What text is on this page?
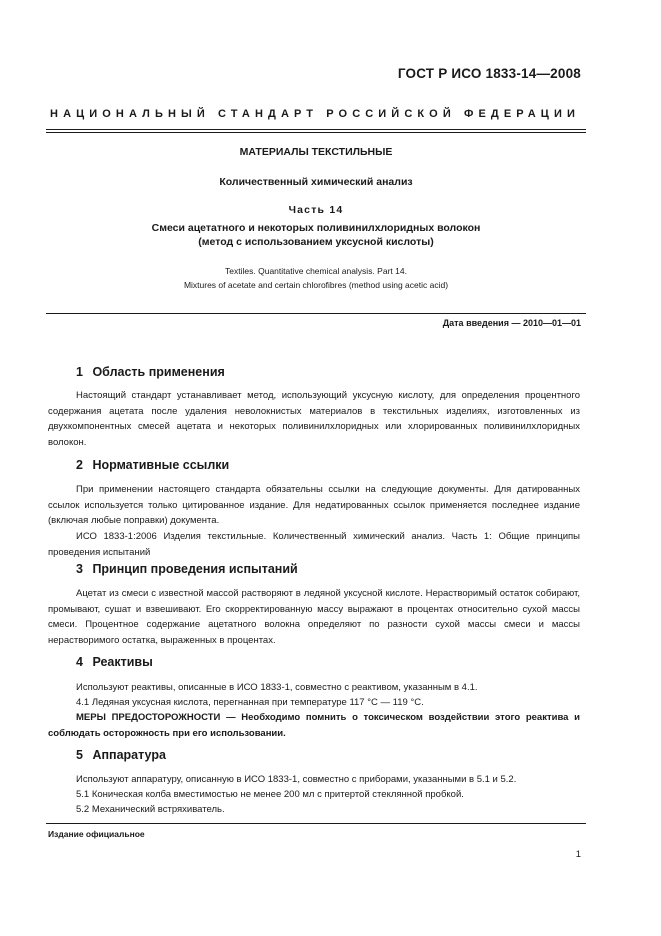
ГОСТ Р ИСО 1833-14—2008
НАЦИОНАЛЬНЫЙ СТАНДАРТ РОССИЙСКОЙ ФЕДЕРАЦИИ
МАТЕРИАЛЫ ТЕКСТИЛЬНЫЕ
Количественный химический анализ
Часть 14
Смеси ацетатного и некоторых поливинилхлоридных волокон
(метод с использованием уксусной кислоты)
Textiles. Quantitative chemical analysis. Part 14.
Mixtures of acetate and certain chlorofibres (method using acetic acid)
Дата введения — 2010—01—01
1 Область применения
Настоящий стандарт устанавливает метод, использующий уксусную кислоту, для определения процентного содержания ацетата после удаления неволокнистых материалов в текстильных изделиях, изготовленных из двухкомпонентных смесей ацетата и некоторых поливинилхлоридных или хлорированных поливинилхлоридных волокон.
2 Нормативные ссылки
При применении настоящего стандарта обязательны ссылки на следующие документы. Для датированных ссылок используется только цитированное издание. Для недатированных ссылок применяется последнее издание (включая любые поправки) документа.
ИСО 1833-1:2006 Изделия текстильные. Количественный химический анализ. Часть 1: Общие принципы проведения испытаний
3 Принцип проведения испытаний
Ацетат из смеси с известной массой растворяют в ледяной уксусной кислоте. Нерастворимый остаток собирают, промывают, сушат и взвешивают. Его скорректированную массу выражают в процентах относительно сухой массы смеси. Процентное содержание ацетатного волокна определяют по разности сухой массы смеси и массы нерастворимого остатка, выраженных в процентах.
4 Реактивы
Используют реактивы, описанные в ИСО 1833-1, совместно с реактивом, указанным в 4.1.
4.1 Ледяная уксусная кислота, перегнанная при температуре 117 °С — 119 °С.
МЕРЫ ПРЕДОСТОРОЖНОСТИ — Необходимо помнить о токсическом воздействии этого реактива и соблюдать осторожность при его использовании.
5 Аппаратура
Используют аппаратуру, описанную в ИСО 1833-1, совместно с приборами, указанными в 5.1 и 5.2.
5.1 Коническая колба вместимостью не менее 200 мл с притертой стеклянной пробкой.
5.2 Механический встряхиватель.
Издание официальное
1
